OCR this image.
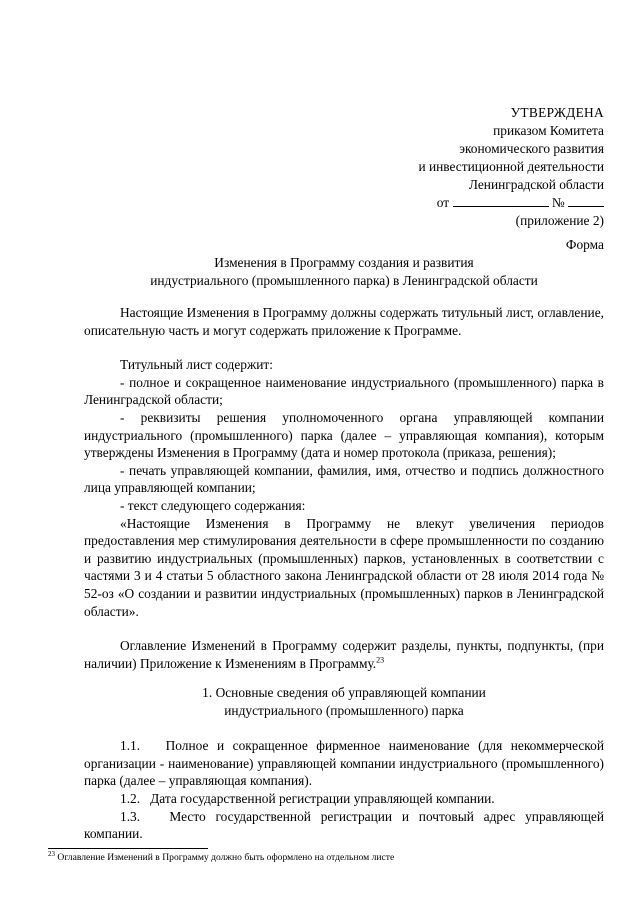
УТВЕРЖДЕНА
приказом Комитета
экономического развития
и инвестиционной деятельности
Ленинградской области
от	№
(приложение 2)
Форма
Изменения в Программу создания и развития
индустриального (промышленного парка) в Ленинградской области

Настоящие Изменения в Программу должны содержать титульный лист, оглавление, описательную часть и могут содержать приложение к Программе.

Титульный лист содержит:

- полное и сокращенное наименование индустриального (промышленного) парка в Ленинградской области;

- реквизиты решения уполномоченного органа управляющей компании индустриального (промышленного) парка (далее – управляющая компания), которым утверждены Изменения в Программу (дата и номер протокола (приказа, решения);

- печать управляющей компании, фамилия, имя, отчество и подпись должностного лица управляющей компании;

- текст следующего содержания:

«Настоящие Изменения в Программу не влекут увеличения периодов предоставления мер стимулирования деятельности в сфере промышленности по созданию и развитию индустриальных (промышленных) парков, установленных в соответствии с частями 3 и 4 статьи 5 областного закона Ленинградской области от 28 июля 2014 года № 52-оз «О создании и развитии индустриальных (промышленных) парков в Ленинградской области».

Оглавление Изменений в Программу содержит разделы, пункты, подпункты, (при наличии) Приложение к Изменениям в Программу.$^{23}$

1. Основные сведения об управляющей компании
индустриального (промышленного) парка

1.1. Полное и сокращенное фирменное наименование (для некоммерческой организации - наименование) управляющей компании индустриального (промышленного) парка (далее – управляющая компания).

1.2. Дата государственной регистрации управляющей компании.

1.3. Место государственной регистрации и почтовый адрес управляющей компании.

$^{23}$ Оглавление Изменений в Программу должно быть оформлено на отдельном листе
